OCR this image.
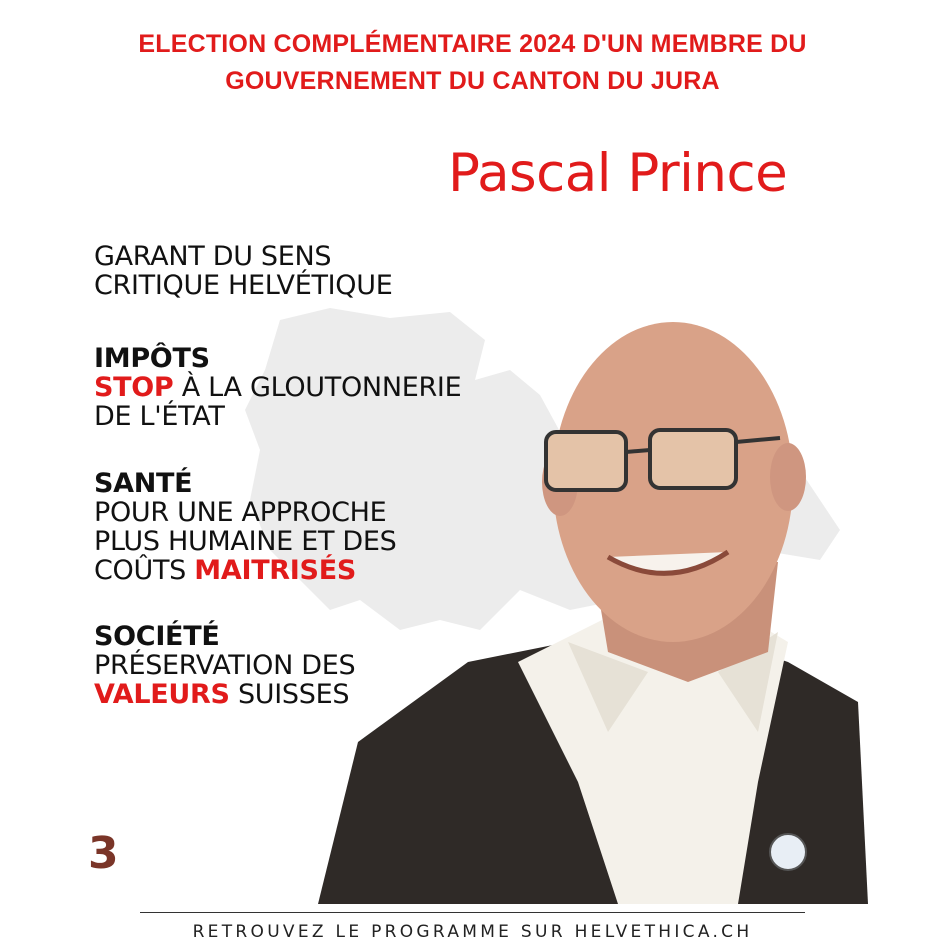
ELECTION COMPLÉMENTAIRE 2024 D'UN MEMBRE DU
GOUVERNEMENT DU CANTON DU JURA
Pascal Prince
GARANT DU SENS
CRITIQUE HELVÉTIQUE
IMPÔTS
STOP À LA GLOUTONNERIE
DE L'ÉTAT
SANTÉ
POUR UNE APPROCHE
PLUS HUMAINE ET DES
COÛTS MAITRISÉS
SOCIÉTÉ
PRÉSERVATION DES
VALEURS SUISSES
3
RETROUVEZ LE PROGRAMME SUR HELVETHICA.CH
